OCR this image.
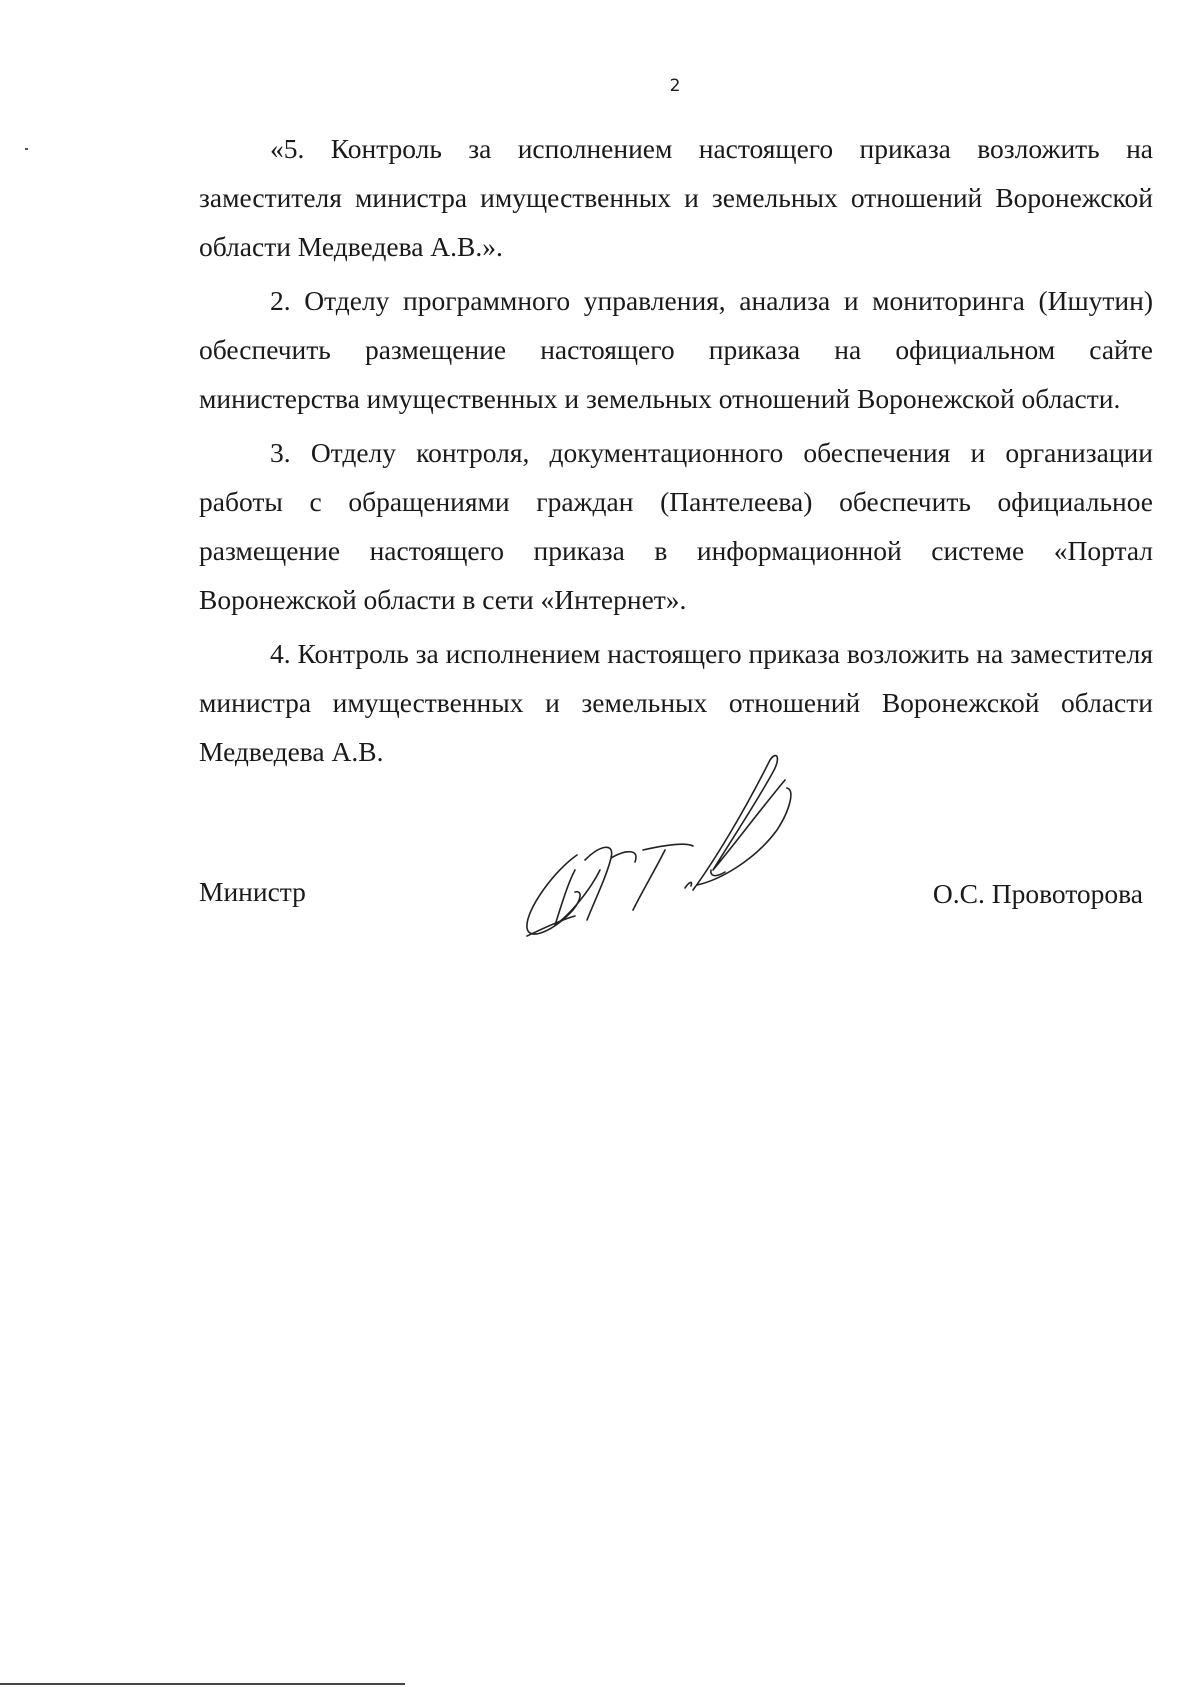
2

«5. Контроль за исполнением настоящего приказа возложить на заместителя министра имущественных и земельных отношений Воронежской области Медведева А.В.».

2. Отделу программного управления, анализа и мониторинга (Ишутин) обеспечить размещение настоящего приказа на официальном сайте министерства имущественных и земельных отношений Воронежской области.

3. Отделу контроля, документационного обеспечения и организации работы с обращениями граждан (Пантелеева) обеспечить официальное размещение настоящего приказа в информационной системе «Портал Воронежской области в сети «Интернет».

4. Контроль за исполнением настоящего приказа возложить на заместителя министра имущественных и земельных отношений Воронежской области Медведева А.В.

Министр	О.С. Провоторова
